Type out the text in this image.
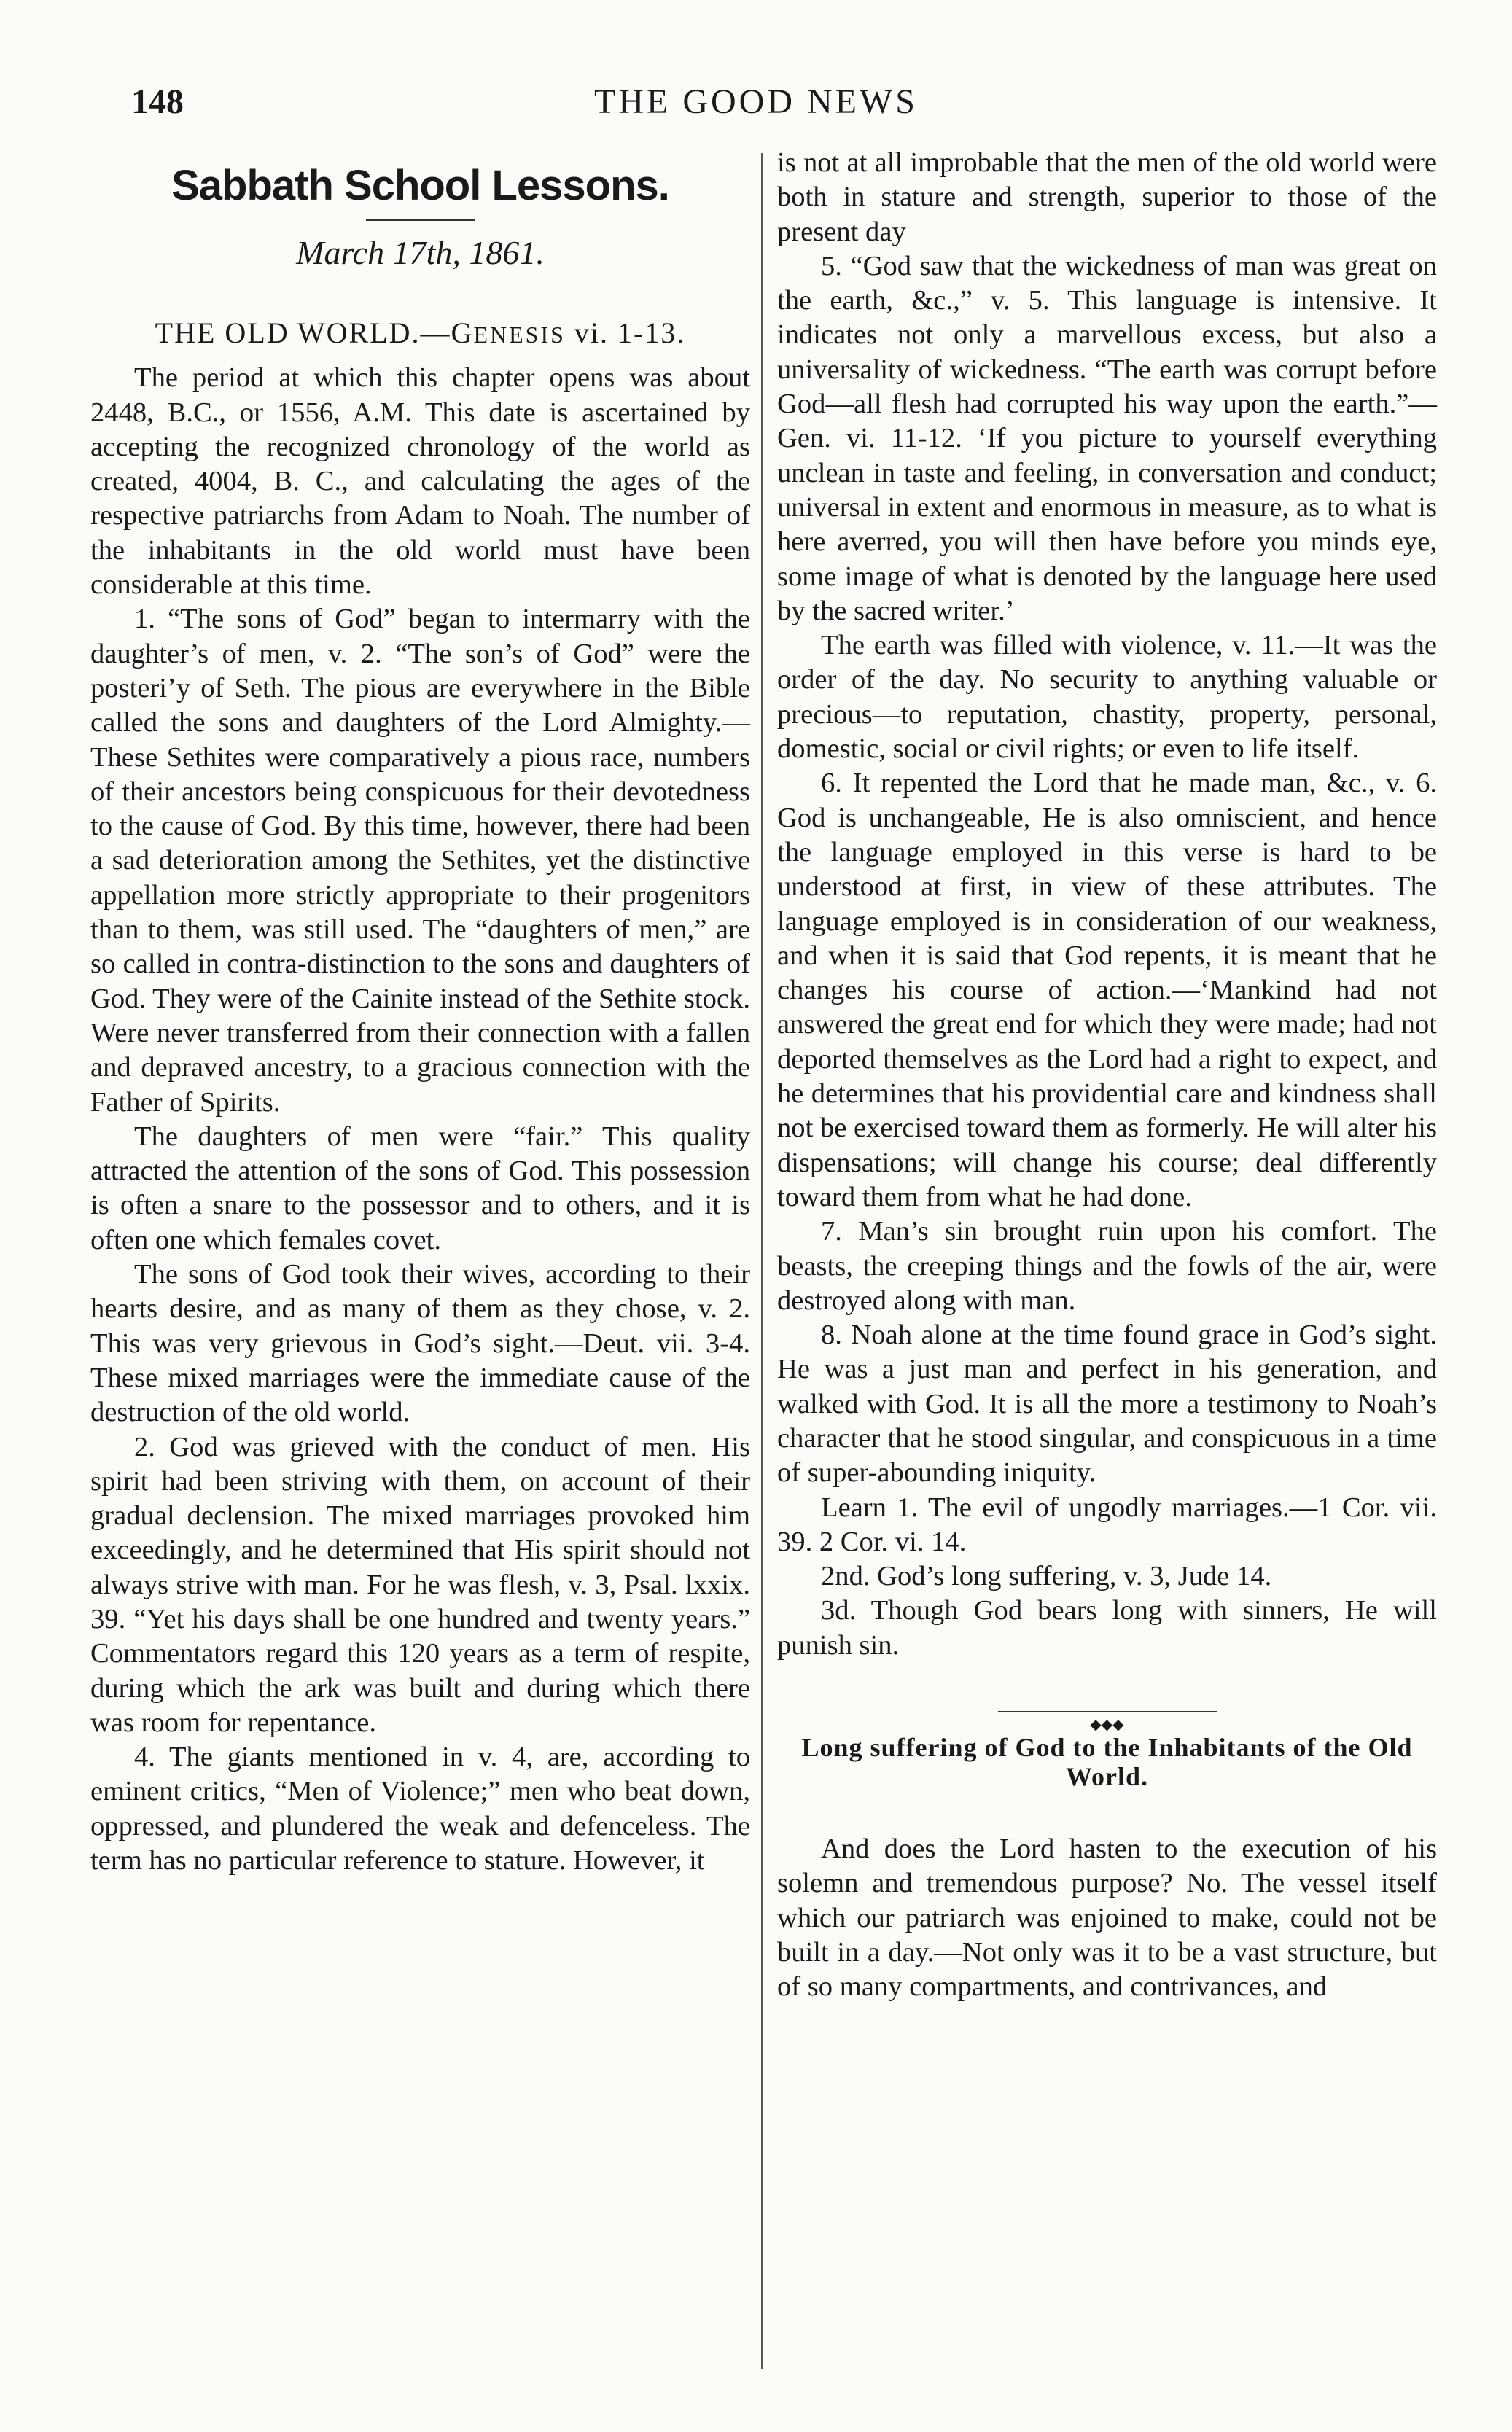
148	THE GOOD NEWS
Sabbath School Lessons.
March 17th, 1861.
THE OLD WORLD.—GENESIS vi. 1-13.

The period at which this chapter opens was about 2448, B.C., or 1556, A.M. This date is ascertained by accepting the recognized chronology of the world as created, 4004, B. C., and calculating the ages of the respective patriarchs from Adam to Noah. The number of the inhabitants in the old world must have been considerable at this time.

1. “The sons of God” began to intermarry with the daughter’s of men, v. 2. “The son’s of God” were the posteri’y of Seth. The pious are everywhere in the Bible called the sons and daughters of the Lord Almighty.—These Sethites were comparatively a pious race, numbers of their ancestors being conspicuous for their devotedness to the cause of God. By this time, however, there had been a sad deterioration among the Sethites, yet the distinctive appellation more strictly appropriate to their progenitors than to them, was still used. The “daughters of men,” are so called in contra-distinction to the sons and daughters of God. They were of the Cainite instead of the Sethite stock. Were never transferred from their connection with a fallen and depraved ancestry, to a gracious connection with the Father of Spirits.

The daughters of men were “fair.” This quality attracted the attention of the sons of God. This possession is often a snare to the possessor and to others, and it is often one which females covet.

The sons of God took their wives, according to their hearts desire, and as many of them as they chose, v. 2. This was very grievous in God’s sight.—Deut. vii. 3-4. These mixed marriages were the immediate cause of the destruction of the old world.

2. God was grieved with the conduct of men. His spirit had been striving with them, on account of their gradual declension. The mixed marriages provoked him exceedingly, and he determined that His spirit should not always strive with man. For he was flesh, v. 3, Psal. lxxix. 39. “Yet his days shall be one hundred and twenty years.” Commentators regard this 120 years as a term of respite, during which the ark was built and during which there was room for repentance.

4. The giants mentioned in v. 4, are, according to eminent critics, “Men of Violence;” men who beat down, oppressed, and plundered the weak and defenceless. The term has no particular reference to stature. However, it

is not at all improbable that the men of the old world were both in stature and strength, superior to those of the present day

5. “God saw that the wickedness of man was great on the earth, &c.,” v. 5. This language is intensive. It indicates not only a marvellous excess, but also a universality of wickedness. “The earth was corrupt before God—all flesh had corrupted his way upon the earth.”—Gen. vi. 11-12. ‘If you picture to yourself everything unclean in taste and feeling, in conversation and conduct; universal in extent and enormous in measure, as to what is here averred, you will then have before you minds eye, some image of what is denoted by the language here used by the sacred writer.’

The earth was filled with violence, v. 11.—It was the order of the day. No security to anything valuable or precious—to reputation, chastity, property, personal, domestic, social or civil rights; or even to life itself.

6. It repented the Lord that he made man, &c., v. 6. God is unchangeable, He is also omniscient, and hence the language employed in this verse is hard to be understood at first, in view of these attributes. The language employed is in consideration of our weakness, and when it is said that God repents, it is meant that he changes his course of action.—‘Mankind had not answered the great end for which they were made; had not deported themselves as the Lord had a right to expect, and he determines that his providential care and kindness shall not be exercised toward them as formerly. He will alter his dispensations; will change his course; deal differently toward them from what he had done.

7. Man’s sin brought ruin upon his comfort. The beasts, the creeping things and the fowls of the air, were destroyed along with man.

8. Noah alone at the time found grace in God’s sight. He was a just man and perfect in his generation, and walked with God. It is all the more a testimony to Noah’s character that he stood singular, and conspicuous in a time of super-abounding iniquity.

Learn 1. The evil of ungodly marriages.—1 Cor. vii. 39. 2 Cor. vi. 14.

2nd. God’s long suffering, v. 3, Jude 14.

3d. Though God bears long with sinners, He will punish sin.

◆◆◆
Long suffering of God to the Inhabitants of the Old World.

And does the Lord hasten to the execution of his solemn and tremendous purpose? No. The vessel itself which our patriarch was enjoined to make, could not be built in a day.—Not only was it to be a vast structure, but of so many compartments, and contrivances, and
